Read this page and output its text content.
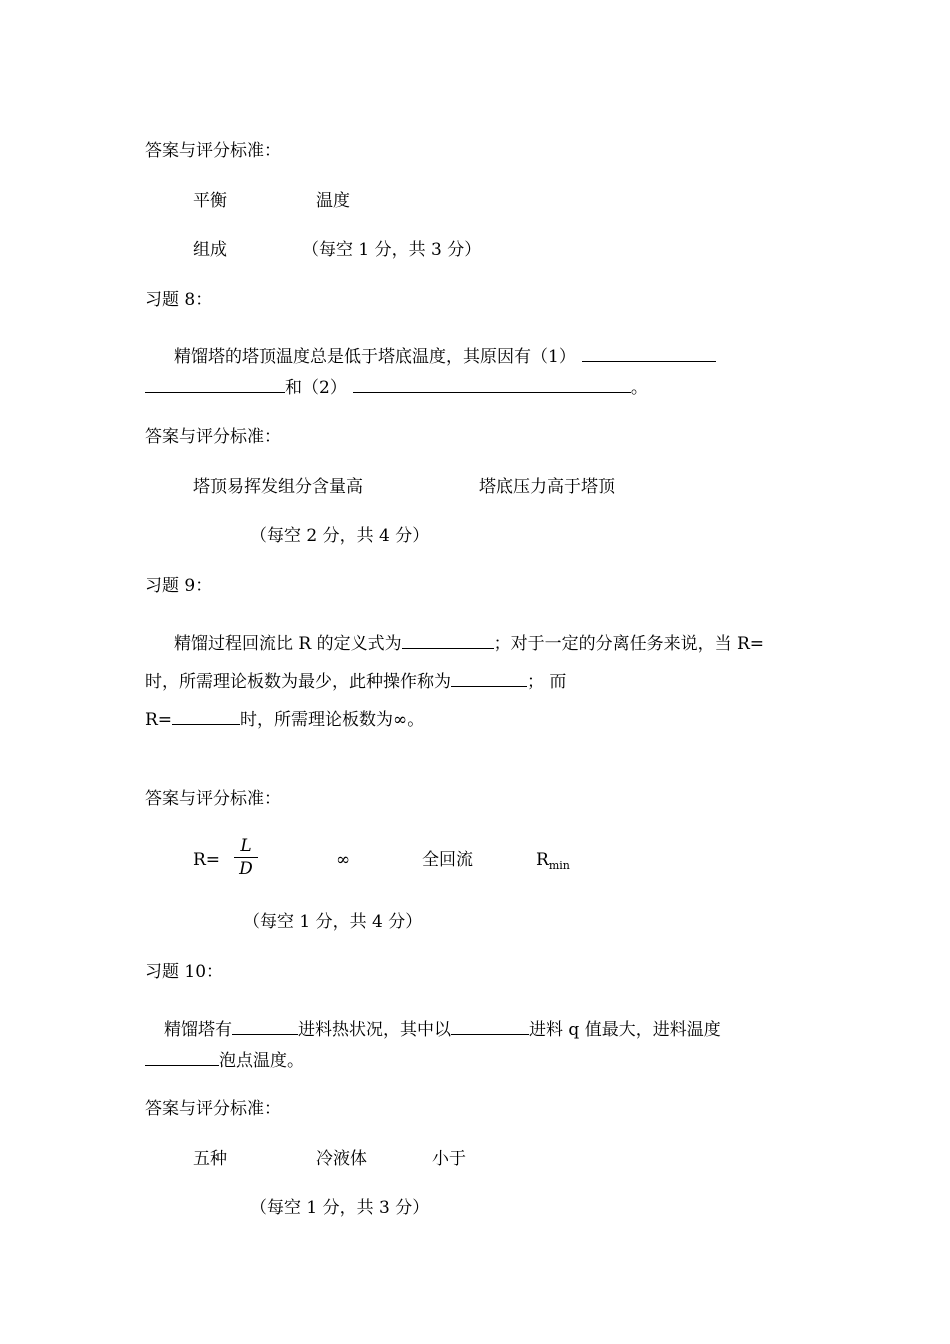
答案与评分标准：
平衡	温度
组成	（每空 1 分，共 3 分）
习题 8：
精馏塔的塔顶温度总是低于塔底温度，其原因有（1）
和（2）	。
答案与评分标准：
塔顶易挥发组分含量高	塔底压力高于塔顶
（每空 2 分，共 4 分）
习题 9：
精馏过程回流比 R 的定义式为	；对于一定的分离任务来说，当 R=
时，所需理论板数为最少，此种操作称为	； 而
R=	时，所需理论板数为∞。
答案与评分标准：
R=
L
D	∞	全回流	$R_{min}$
（每空 1 分，共 4 分）
习题 10：
精馏塔有	进料热状况，其中以	进料 q 值最大，进料温度
泡点温度。
答案与评分标准：
五种	冷液体	小于
（每空 1 分，共 3 分）
